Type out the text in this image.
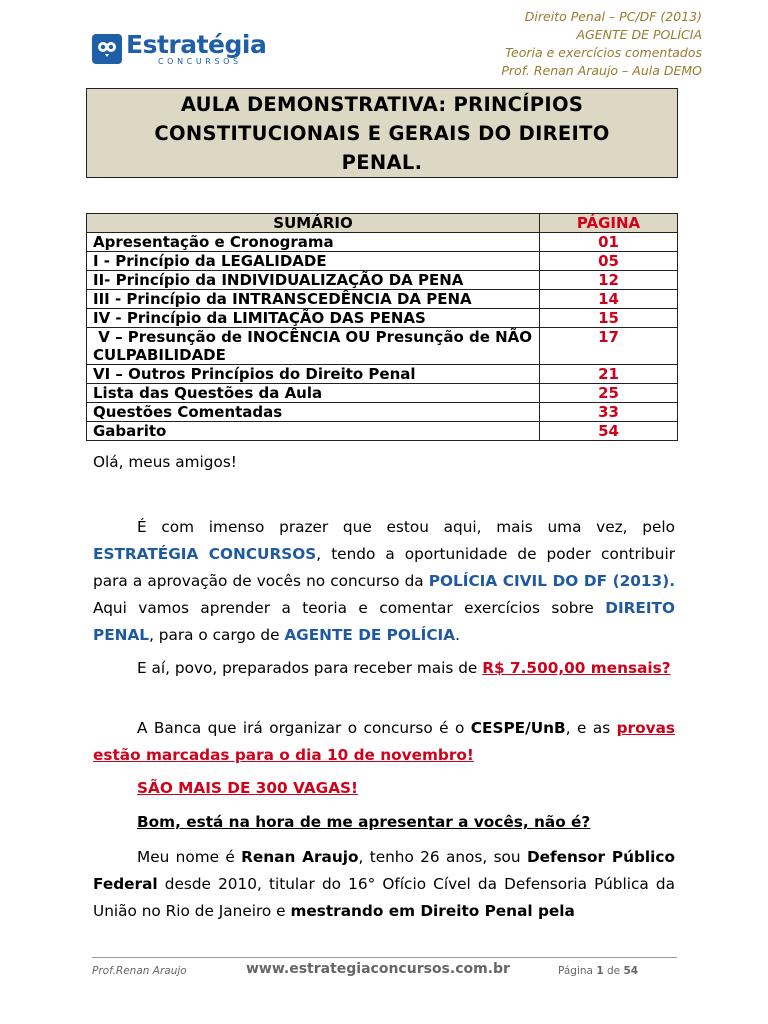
Estratégia
CONCURSOS
Direito Penal – PC/DF (2013)
AGENTE DE POLÍCIA
Teoria e exercícios comentados
Prof. Renan Araujo – Aula DEMO
AULA DEMONSTRATIVA: PRINCÍPIOS CONSTITUCIONAIS E GERAIS DO DIREITO PENAL.
SUMÁRIO	PÁGINA
Apresentação e Cronograma	01
I - Princípio da LEGALIDADE	05
II- Princípio da INDIVIDUALIZAÇÃO DA PENA	12
III - Princípio da INTRANSCEDÊNCIA DA PENA	14
IV - Princípio da LIMITAÇÃO DAS PENAS	15
V – Presunção de INOCÊNCIA OU Presunção de NÃO CULPABILIDADE	17
VI – Outros Princípios do Direito Penal	21
Lista das Questões da Aula	25
Questões Comentadas	33
Gabarito	54
Olá, meus amigos!
É com imenso prazer que estou aqui, mais uma vez, pelo ESTRATÉGIA CONCURSOS, tendo a oportunidade de poder contribuir para a aprovação de vocês no concurso da POLÍCIA CIVIL DO DF (2013). Aqui vamos aprender a teoria e comentar exercícios sobre DIREITO PENAL, para o cargo de AGENTE DE POLÍCIA.
E aí, povo, preparados para receber mais de R$ 7.500,00 mensais?
A Banca que irá organizar o concurso é o CESPE/UnB, e as provas estão marcadas para o dia 10 de novembro!
SÃO MAIS DE 300 VAGAS!
Bom, está na hora de me apresentar a vocês, não é?
Meu nome é Renan Araujo, tenho 26 anos, sou Defensor Público Federal desde 2010, titular do 16° Ofício Cível da Defensoria Pública da União no Rio de Janeiro e mestrando em Direito Penal pela
Prof.Renan Araujo	www.estrategiaconcursos.com.br	Página 1 de 54
